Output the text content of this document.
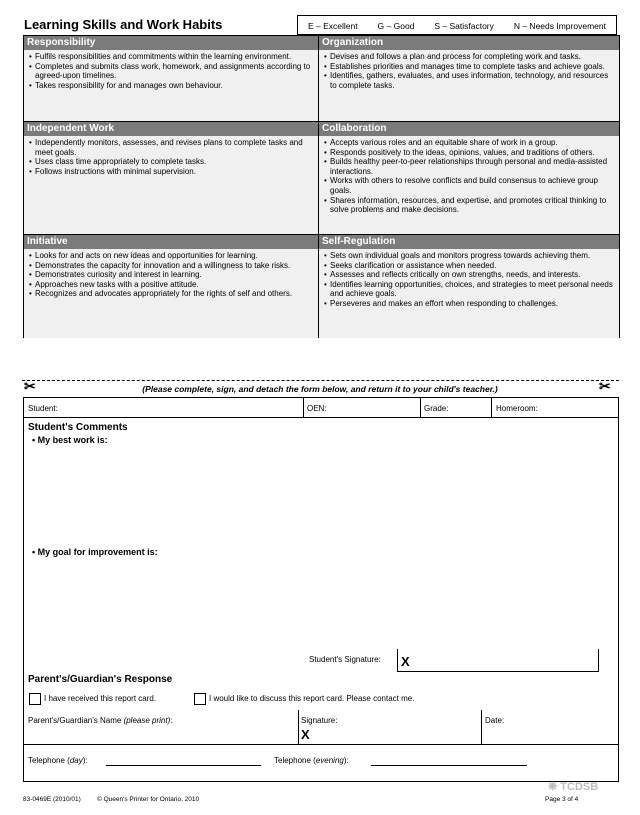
Learning Skills and Work Habits	E – Excellent G – Good S – Satisfactory N – Needs Improvement
Responsibility
• Fulfils responsibilities and commitments within the learning environment.
• Completes and submits class work, homework, and assignments according to agreed-upon timelines.
• Takes responsibility for and manages own behaviour.
Organization
• Devises and follows a plan and process for completing work and tasks.
• Establishes priorities and manages time to complete tasks and achieve goals.
• Identifies, gathers, evaluates, and uses information, technology, and resources to complete tasks.
Independent Work
• Independently monitors, assesses, and revises plans to complete tasks and meet goals.
• Uses class time appropriately to complete tasks.
• Follows instructions with minimal supervision.
Collaboration
• Accepts various roles and an equitable share of work in a group.
• Responds positively to the ideas, opinions, values, and traditions of others.
• Builds healthy peer-to-peer relationships through personal and media-assisted interactions.
• Works with others to resolve conflicts and build consensus to achieve group goals.
• Shares information, resources, and expertise, and promotes critical thinking to solve problems and make decisions.
Initiative
• Looks for and acts on new ideas and opportunities for learning.
• Demonstrates the capacity for innovation and a willingness to take risks.
• Demonstrates curiosity and interest in learning.
• Approaches new tasks with a positive attitude.
• Recognizes and advocates appropriately for the rights of self and others.
Self-Regulation
• Sets own individual goals and monitors progress towards achieving them.
• Seeks clarification or assistance when needed.
• Assesses and reflects critically on own strengths, needs, and interests.
• Identifies learning opportunities, choices, and strategies to meet personal needs and achieve goals.
• Perseveres and makes an effort when responding to challenges.
✂	✂
(Please complete, sign, and detach the form below, and return it to your child's teacher.)
Student:	OEN:	Grade:	Homeroom:
Student's Comments
• My best work is:
• My goal for improvement is:
Student's Signature: X
Parent's/Guardian's Response
I have received this report card.	I would like to discuss this report card. Please contact me.
Parent's/Guardian's Name (please print):	Signature:
X
Date:
Telephone (day):	Telephone (evening):
83-0469E (2010/01) © Queen's Printer for Ontario, 2010	Page 3 of 4
❋ TCDSB
